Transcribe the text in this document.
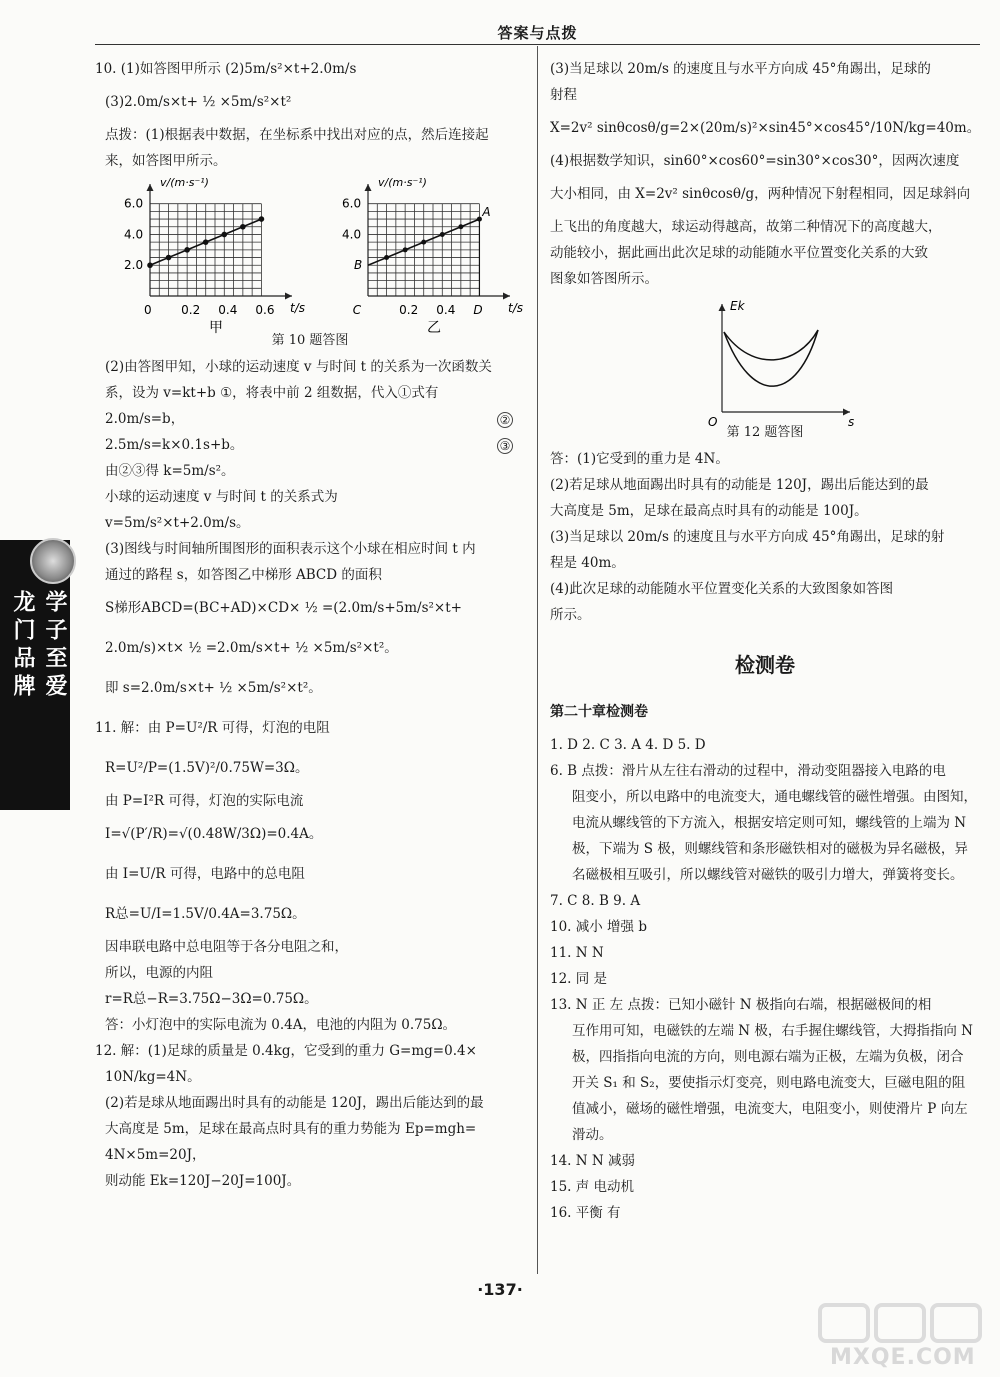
答案与点拨

10. (1)如答图甲所示 (2)5m/s²×t+2.0m/s

(3)2.0m/s×t+ ½ ×5m/s²×t²

点拨：(1)根据表中数据，在坐标系中找出对应的点，然后连接起

来，如答图甲所示。

6.0
4.0
2.0
0 0.2 0.4 0.6
v/(m·s⁻¹)
t/s
甲
6.0
4.0
C	0.2 0.4 D
v/(m·s⁻¹)
t/s
乙
A
B

第 10 题答图

(2)由答图甲知，小球的运动速度 v 与时间 t 的关系为一次函数关

系，设为 v=kt+b ①，将表中前 2 组数据，代入①式有

2.0m/s=b，	②

2.5m/s=k×0.1s+b。	③

由②③得 k=5m/s²。

小球的运动速度 v 与时间 t 的关系式为

v=5m/s²×t+2.0m/s。

(3)图线与时间轴所围图形的面积表示这个小球在相应时间 t 内

通过的路程 s，如答图乙中梯形 ABCD 的面积

S梯形ABCD=(BC+AD)×CD× ½ =(2.0m/s+5m/s²×t+

2.0m/s)×t× ½ =2.0m/s×t+ ½ ×5m/s²×t²。

即 s=2.0m/s×t+ ½ ×5m/s²×t²。

11. 解：由 P=U²/R 可得，灯泡的电阻

R=U²/P=(1.5V)²/0.75W=3Ω。

由 P=I²R 可得，灯泡的实际电流

I=√(P′/R)=√(0.48W/3Ω)=0.4A。

由 I=U/R 可得，电路中的总电阻

R总=U/I=1.5V/0.4A=3.75Ω。

因串联电路中总电阻等于各分电阻之和，

所以，电源的内阻

r=R总−R=3.75Ω−3Ω=0.75Ω。

答：小灯泡中的实际电流为 0.4A，电池的内阻为 0.75Ω。

12. 解：(1)足球的质量是 0.4kg，它受到的重力 G=mg=0.4×

10N/kg=4N。

(2)若是球从地面踢出时具有的动能是 120J，踢出后能达到的最

大高度是 5m，足球在最高点时具有的重力势能为 Ep=mgh=

4N×5m=20J，

则动能 Ek=120J−20J=100J。

(3)当足球以 20m/s 的速度且与水平方向成 45°角踢出，足球的

射程

X=2v² sinθcosθ/g=2×(20m/s)²×sin45°×cos45°/10N/kg=40m。

(4)根据数学知识，sin60°×cos60°=sin30°×cos30°，因两次速度

大小相同，由 X=2v² sinθcosθ/g，两种情况下射程相同，因足球斜向

上飞出的角度越大，球运动得越高，故第二种情况下的高度越大，

动能较小，据此画出此次足球的动能随水平位置变化关系的大致

图象如答图所示。

Ek
s
O

第 12 题答图

答：(1)它受到的重力是 4N。

(2)若足球从地面踢出时具有的动能是 120J，踢出后能达到的最

大高度是 5m，足球在最高点时具有的动能是 100J。

(3)当足球以 20m/s 的速度且与水平方向成 45°角踢出，足球的射

程是 40m。

(4)此次足球的动能随水平位置变化关系的大致图象如答图

所示。

检测卷

第二十章检测卷

1. D 2. C 3. A 4. D 5. D

6. B 点拨：滑片从左往右滑动的过程中，滑动变阻器接入电路的电

阻变小，所以电路中的电流变大，通电螺线管的磁性增强。由图知，

电流从螺线管的下方流入，根据安培定则可知，螺线管的上端为 N

极，下端为 S 极，则螺线管和条形磁铁相对的磁极为异名磁极，异

名磁极相互吸引，所以螺线管对磁铁的吸引力增大，弹簧将变长。

7. C 8. B 9. A

10. 减小 增强 b

11. N N

12. 同 是

13. N 正 左 点拨：已知小磁针 N 极指向右端，根据磁极间的相

互作用可知，电磁铁的左端 N 极，右手握住螺线管，大拇指指向 N

极，四指指向电流的方向，则电源右端为正极，左端为负极，闭合

开关 S₁ 和 S₂，要使指示灯变亮，则电路电流变大，巨磁电阻的阻

值减小，磁场的磁性增强，电流变大，电阻变小，则使滑片 P 向左

滑动。

14. N N 减弱

15. 声 电动机

16. 平衡 有

龙门品牌 学子至爱
·137·
MXQE.COM
